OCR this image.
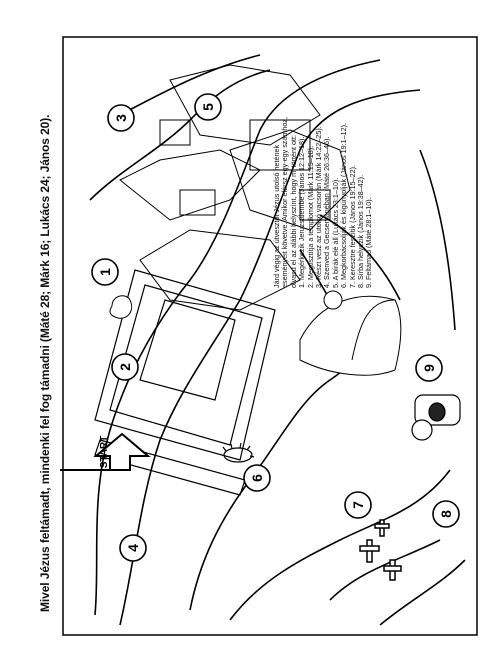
START
1
2
3
4
5
6
7
8
9
Mivel Jézus feltámadt, mindenki fel fog támadni (Máté 28; Márk 16; Lukács 24; János 20).	Járd végig az útvesztőt Jézus utolsó hetének eseményeit követve. Amikor elérsz egy-egy számhoz, olvasd el az alábbi helyszínt, hogy mi történt ott: 1. Megérkezik Jeruzsálembe (János 12:12–18). 2. Megtisztítja a templomot (Márk 11:15–18). 3. Részt vesz az utolsó vacsorán (Márk 14:22–25). 4. Szenved a Gecsemánéban (Máté 26:36–46). 5. A bírák elé áll (Lukács 23:1–10). 6. Megkorbácsolják és kigúnyolják (János 19:1–12). 7. Keresztre feszítik (János 19:15–22). 8. Sírba helyezik (János 19:38–42). 9. Feltámad (Máté 28:1–10).
